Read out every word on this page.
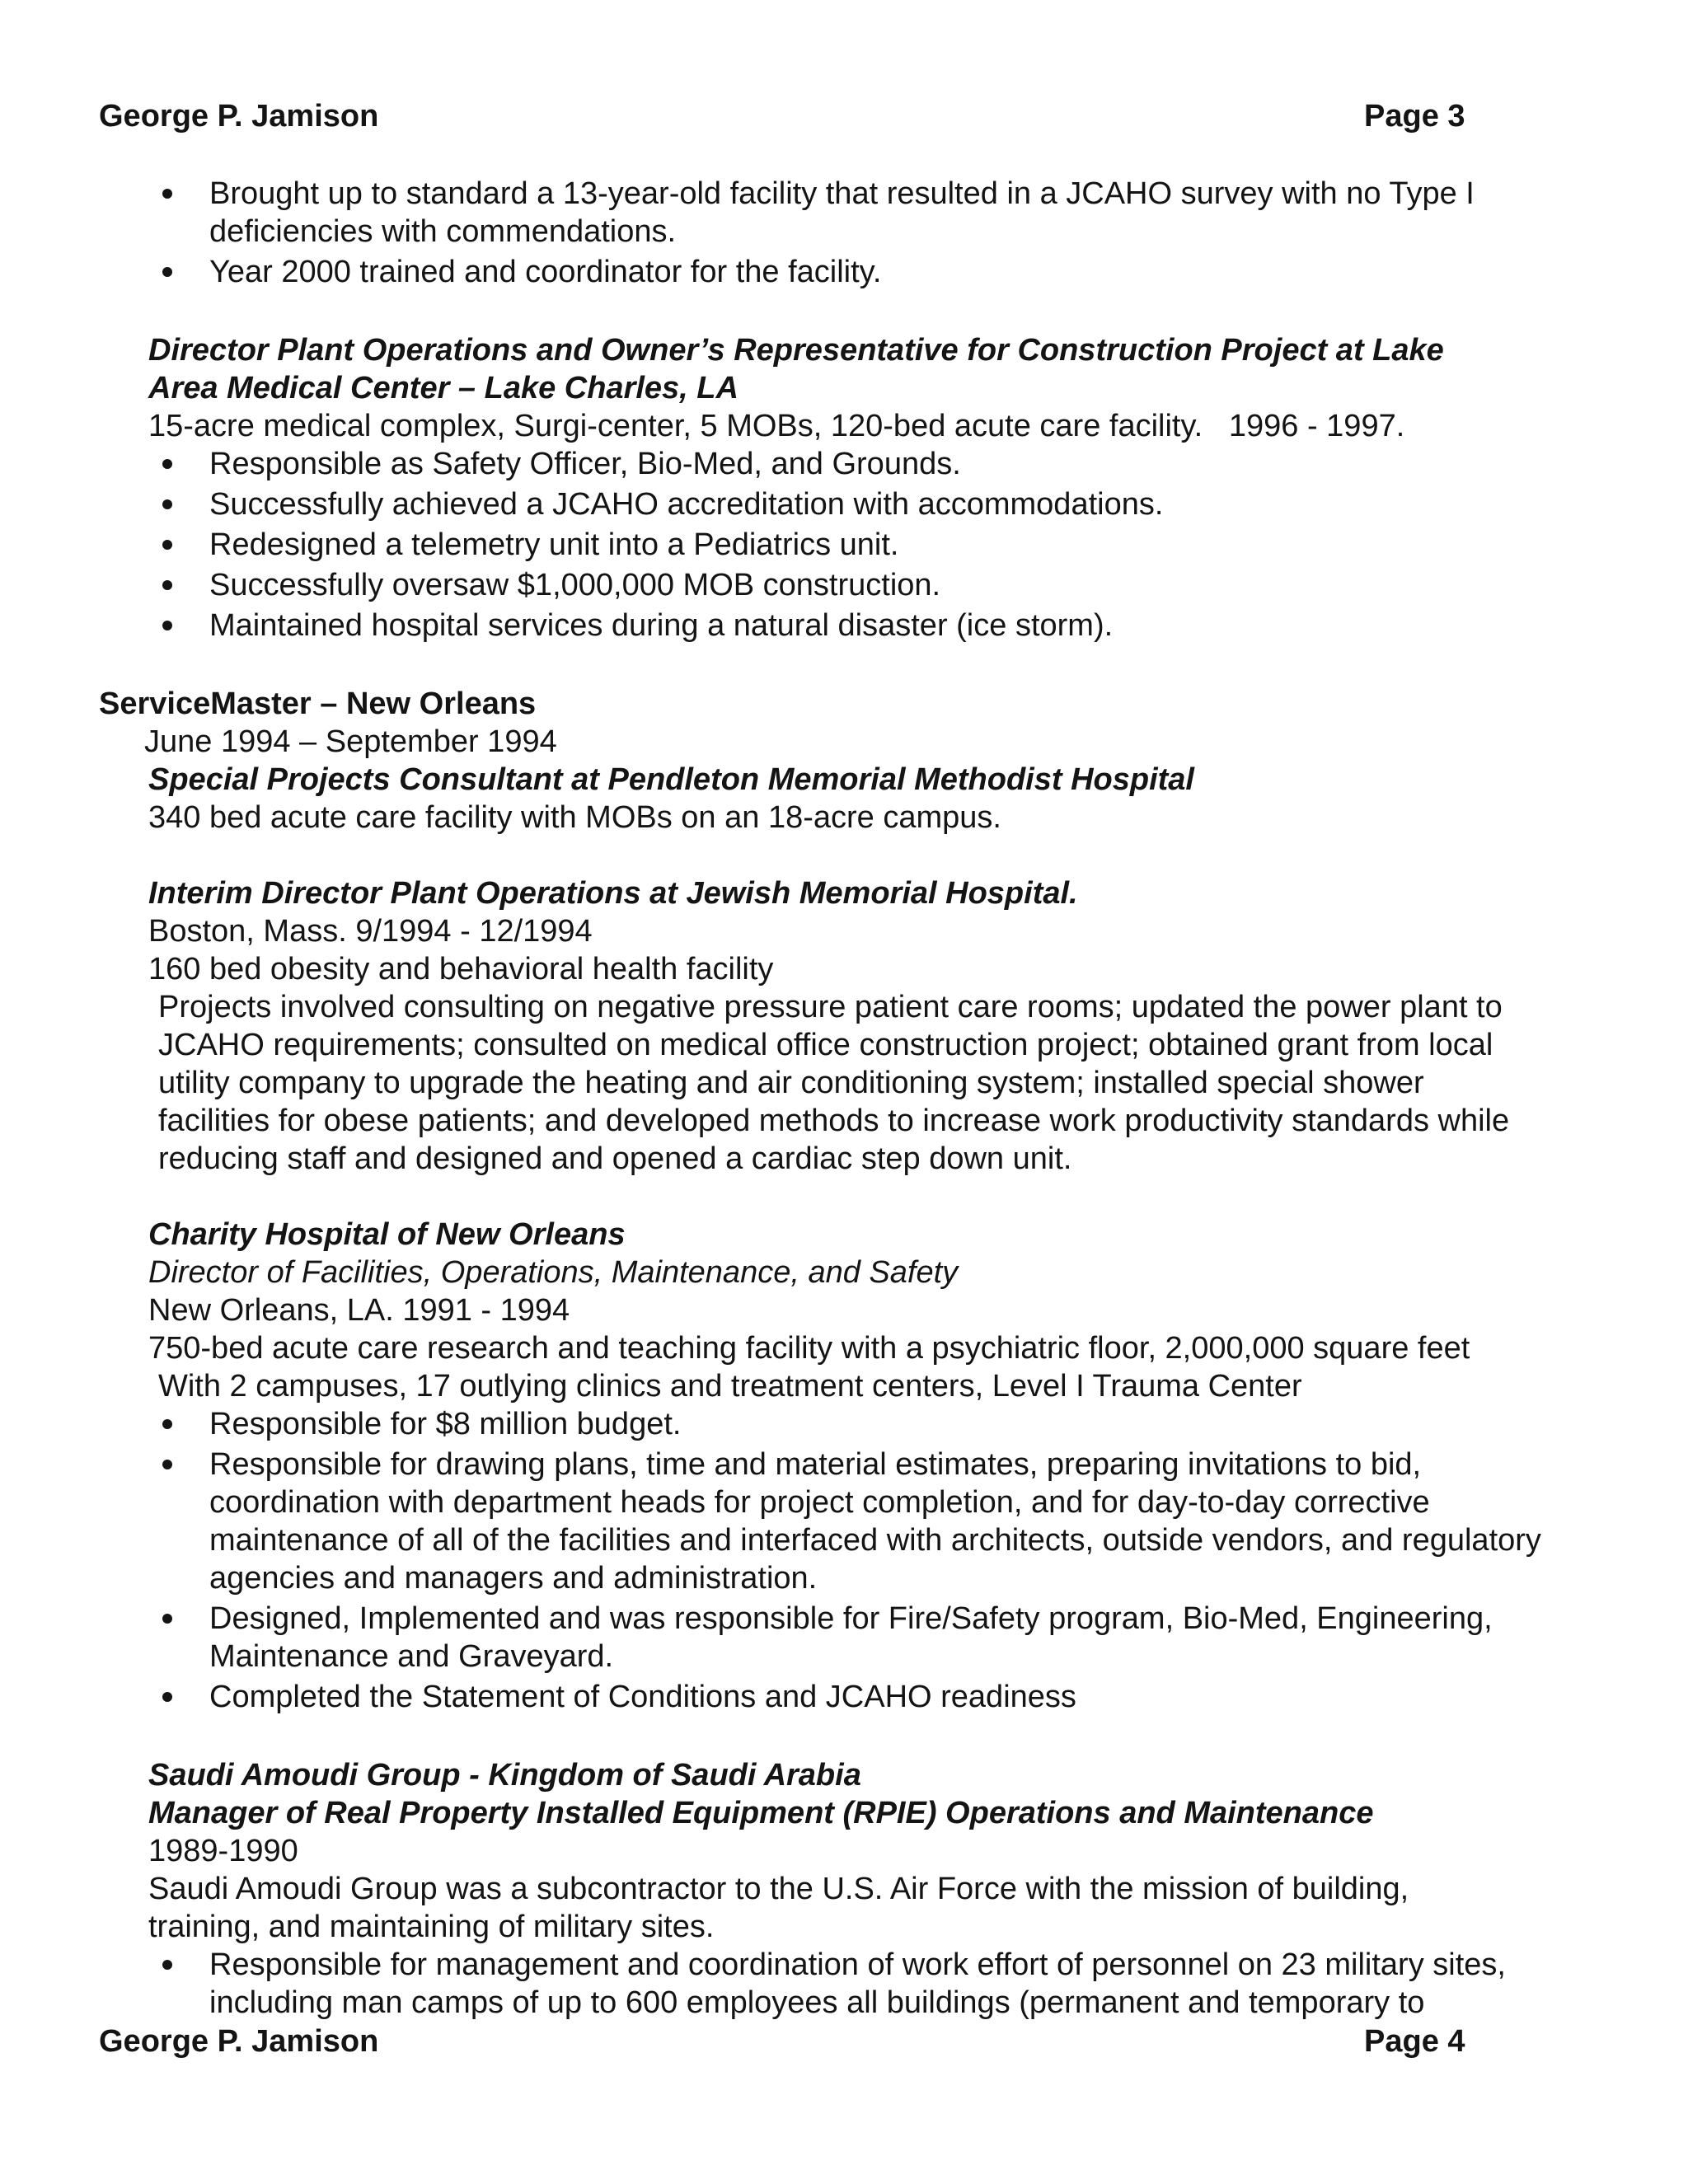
George P. Jamison	Page 3
Brought up to standard a 13-year-old facility that resulted in a JCAHO survey with no Type I deficiencies with commendations.
Year 2000 trained and coordinator for the facility.
Director Plant Operations and Owner’s Representative for Construction Project at Lake
Area Medical Center – Lake Charles, LA
15-acre medical complex, Surgi-center, 5 MOBs, 120-bed acute care facility.   1996 - 1997.
Responsible as Safety Officer, Bio-Med, and Grounds.
Successfully achieved a JCAHO accreditation with accommodations.
Redesigned a telemetry unit into a Pediatrics unit.
Successfully oversaw $1,000,000 MOB construction.
Maintained hospital services during a natural disaster (ice storm).
ServiceMaster – New Orleans
June 1994 – September 1994
Special Projects Consultant at Pendleton Memorial Methodist Hospital
340 bed acute care facility with MOBs on an 18-acre campus.
Interim Director Plant Operations at Jewish Memorial Hospital.
Boston, Mass. 9/1994 - 12/1994
160 bed obesity and behavioral health facility
Projects involved consulting on negative pressure patient care rooms; updated the power plant to
JCAHO requirements; consulted on medical office construction project; obtained grant from local
utility company to upgrade the heating and air conditioning system; installed special shower
facilities for obese patients; and developed methods to increase work productivity standards while
reducing staff and designed and opened a cardiac step down unit.
Charity Hospital of New Orleans
Director of Facilities, Operations, Maintenance, and Safety
New Orleans, LA. 1991 - 1994
750-bed acute care research and teaching facility with a psychiatric floor, 2,000,000 square feet
With 2 campuses, 17 outlying clinics and treatment centers, Level I Trauma Center
Responsible for $8 million budget.
Responsible for drawing plans, time and material estimates, preparing invitations to bid, coordination with department heads for project completion, and for day-to-day corrective maintenance of all of the facilities and interfaced with architects, outside vendors, and regulatory agencies and managers and administration.
Designed, Implemented and was responsible for Fire/Safety program, Bio-Med, Engineering, Maintenance and Graveyard.
Completed the Statement of Conditions and JCAHO readiness
Saudi Amoudi Group - Kingdom of Saudi Arabia
Manager of Real Property Installed Equipment (RPIE) Operations and Maintenance
1989-1990
Saudi Amoudi Group was a subcontractor to the U.S. Air Force with the mission of building, training, and maintaining of military sites.
Responsible for management and coordination of work effort of personnel on 23 military sites, including man camps of up to 600 employees all buildings (permanent and temporary to
George P. Jamison	Page 4
